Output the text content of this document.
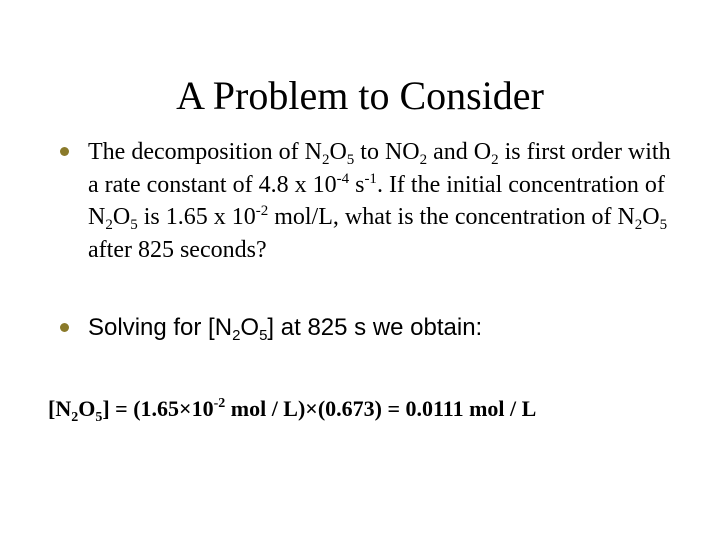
A Problem to Consider
The decomposition of $N_2O_5$ to $NO_2$ and $O_2$ is first order with a rate constant of 4.8 x $10^{-4}$ $s^{-1}$. If the initial concentration of $N_2O_5$ is 1.65 x $10^{-2}$ mol/L, what is the concentration of $N_2O_5$ after 825 seconds?
Solving for $[N_2O_5]$ at 825 s we obtain:
$[N_2O_5] = (1.65\times 10^{-2}$ mol / L)×(0.673) = 0.0111 mol / L
